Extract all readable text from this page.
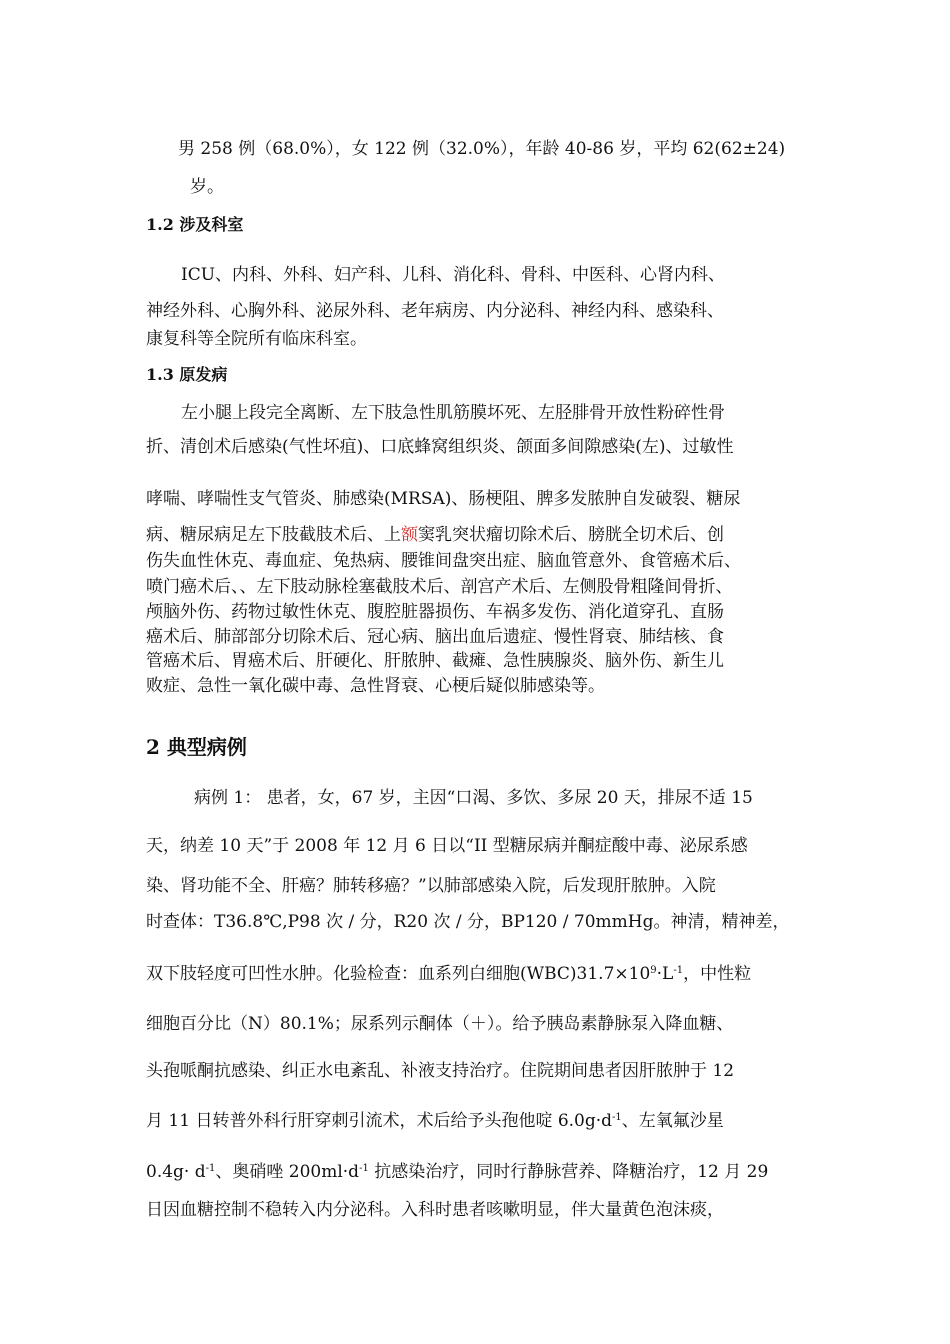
男 258 例（68.0%），女 122 例（32.0%），年龄 40-86 岁，平均 62(62±24)

岁。

1.2 涉及科室

ICU、内科、外科、妇产科、儿科、消化科、骨科、中医科、心肾内科、

神经外科、心胸外科、泌尿外科、老年病房、内分泌科、神经内科、感染科、

康复科等全院所有临床科室。

1.3 原发病

左小腿上段完全离断、左下肢急性肌筋膜坏死、左胫腓骨开放性粉碎性骨

折、清创术后感染(气性坏疽)、口底蜂窝组织炎、颌面多间隙感染(左)、过敏性

哮喘、哮喘性支气管炎、肺感染(MRSA)、肠梗阻、脾多发脓肿自发破裂、糖尿

病、糖尿病足左下肢截肢术后、上额窦乳突状瘤切除术后、膀胱全切术后、创

伤失血性休克、毒血症、兔热病、腰锥间盘突出症、脑血管意外、食管癌术后、

喷门癌术后、、左下肢动脉栓塞截肢术后、剖宫产术后、左侧股骨粗隆间骨折、

颅脑外伤、药物过敏性休克、腹腔脏器损伤、车祸多发伤、消化道穿孔、直肠

癌术后、肺部部分切除术后、冠心病、脑出血后遗症、慢性肾衰、肺结核、食

管癌术后、胃癌术后、肝硬化、肝脓肿、截瘫、急性胰腺炎、脑外伤、新生儿

败症、急性一氧化碳中毒、急性肾衰、心梗后疑似肺感染等。

2 典型病例

病例 1： 患者，女，67 岁，主因“口渴、多饮、多尿 20 天，排尿不适 15

天，纳差 10 天”于 2008 年 12 月 6 日以“II 型糖尿病并酮症酸中毒、泌尿系感

染、肾功能不全、肝癌？肺转移癌？”以肺部感染入院，后发现肝脓肿。入院

时查体：T36.8℃,P98 次 / 分，R20 次 / 分，BP120 / 70mmHg。神清，精神差，

双下肢轻度可凹性水肿。化验检查：血系列白细胞$(WBC)31.7\times 10^9\cdot L^{-1}$，中性粒

细胞百分比（N）80.1%；尿系列示酮体（＋）。给予胰岛素静脉泵入降血糖、

头孢哌酮抗感染、纠正水电紊乱、补液支持治疗。住院期间患者因肝脓肿于 12

月 11 日转普外科行肝穿刺引流术，术后给予头孢他啶 $6.0g\cdot d^{-1}$、左氧氟沙星

$0.4g\cdot d^{-1}$、奥硝唑 $200ml\cdot d^{-1}$ 抗感染治疗，同时行静脉营养、降糖治疗，12 月 29

日因血糖控制不稳转入内分泌科。入科时患者咳嗽明显，伴大量黄色泡沫痰，
